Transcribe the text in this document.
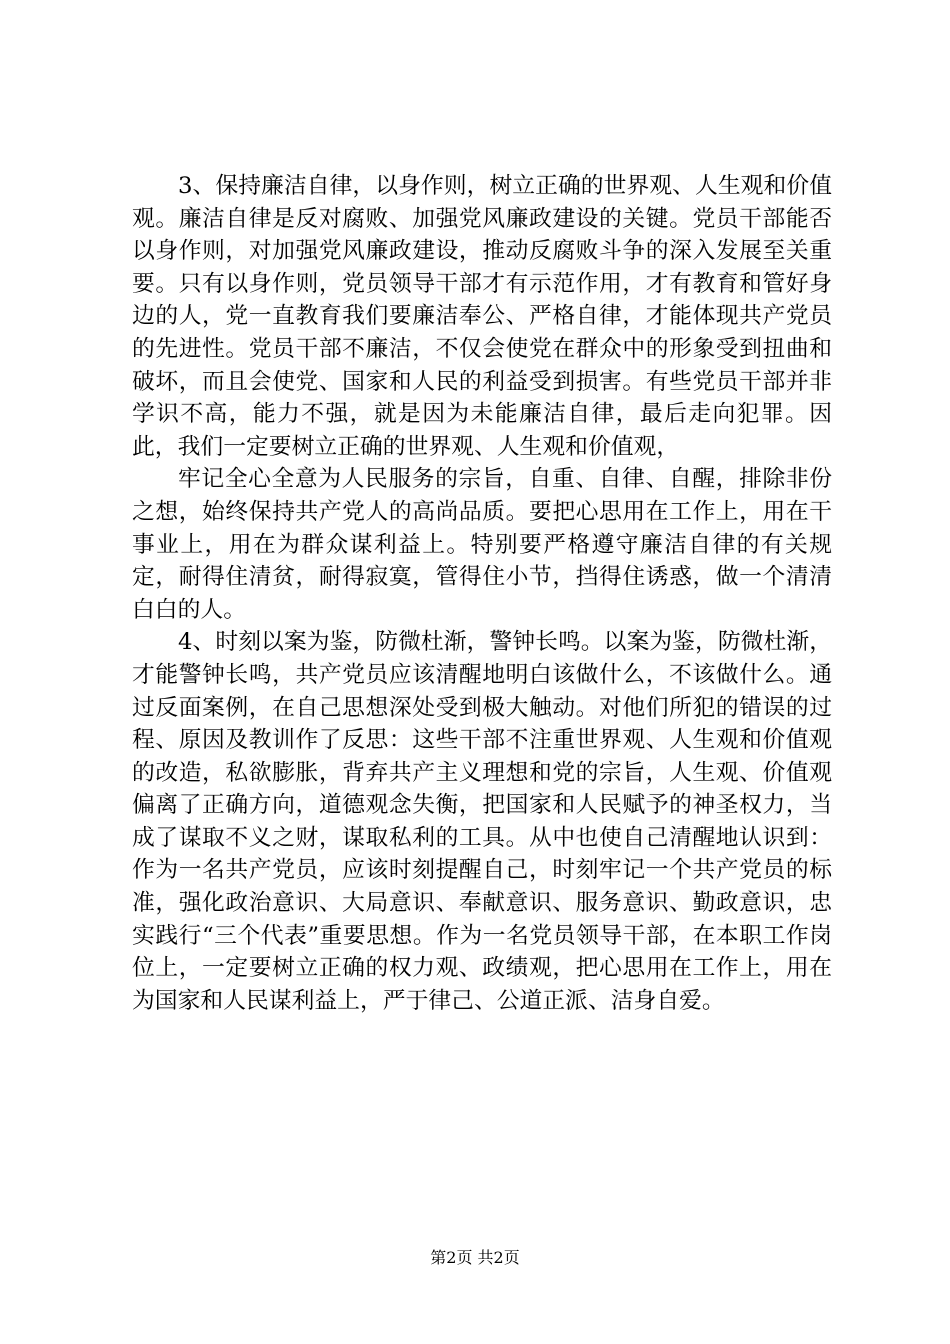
3、保持廉洁自律，以身作则，树立正确的世界观、人生观和价值观。廉洁自律是反对腐败、加强党风廉政建设的关键。党员干部能否以身作则，对加强党风廉政建设，推动反腐败斗争的深入发展至关重要。只有以身作则，党员领导干部才有示范作用，才有教育和管好身边的人，党一直教育我们要廉洁奉公、严格自律，才能体现共产党员的先进性。党员干部不廉洁，不仅会使党在群众中的形象受到扭曲和破坏，而且会使党、国家和人民的利益受到损害。有些党员干部并非学识不高，能力不强，就是因为未能廉洁自律，最后走向犯罪。因此，我们一定要树立正确的世界观、人生观和价值观，

牢记全心全意为人民服务的宗旨，自重、自律、自醒，排除非份之想，始终保持共产党人的高尚品质。要把心思用在工作上，用在干事业上，用在为群众谋利益上。特别要严格遵守廉洁自律的有关规定，耐得住清贫，耐得寂寞，管得住小节，挡得住诱惑，做一个清清白白的人。

4、时刻以案为鉴，防微杜渐，警钟长鸣。以案为鉴，防微杜渐，才能警钟长鸣，共产党员应该清醒地明白该做什么，不该做什么。通过反面案例，在自己思想深处受到极大触动。对他们所犯的错误的过程、原因及教训作了反思：这些干部不注重世界观、人生观和价值观的改造，私欲膨胀，背弃共产主义理想和党的宗旨，人生观、价值观偏离了正确方向，道德观念失衡，把国家和人民赋予的神圣权力，当成了谋取不义之财，谋取私利的工具。从中也使自己清醒地认识到：作为一名共产党员，应该时刻提醒自己，时刻牢记一个共产党员的标准，强化政治意识、大局意识、奉献意识、服务意识、勤政意识，忠实践行“三个代表”重要思想。作为一名党员领导干部，在本职工作岗位上，一定要树立正确的权力观、政绩观，把心思用在工作上，用在为国家和人民谋利益上，严于律己、公道正派、洁身自爱。

第2页 共2页
